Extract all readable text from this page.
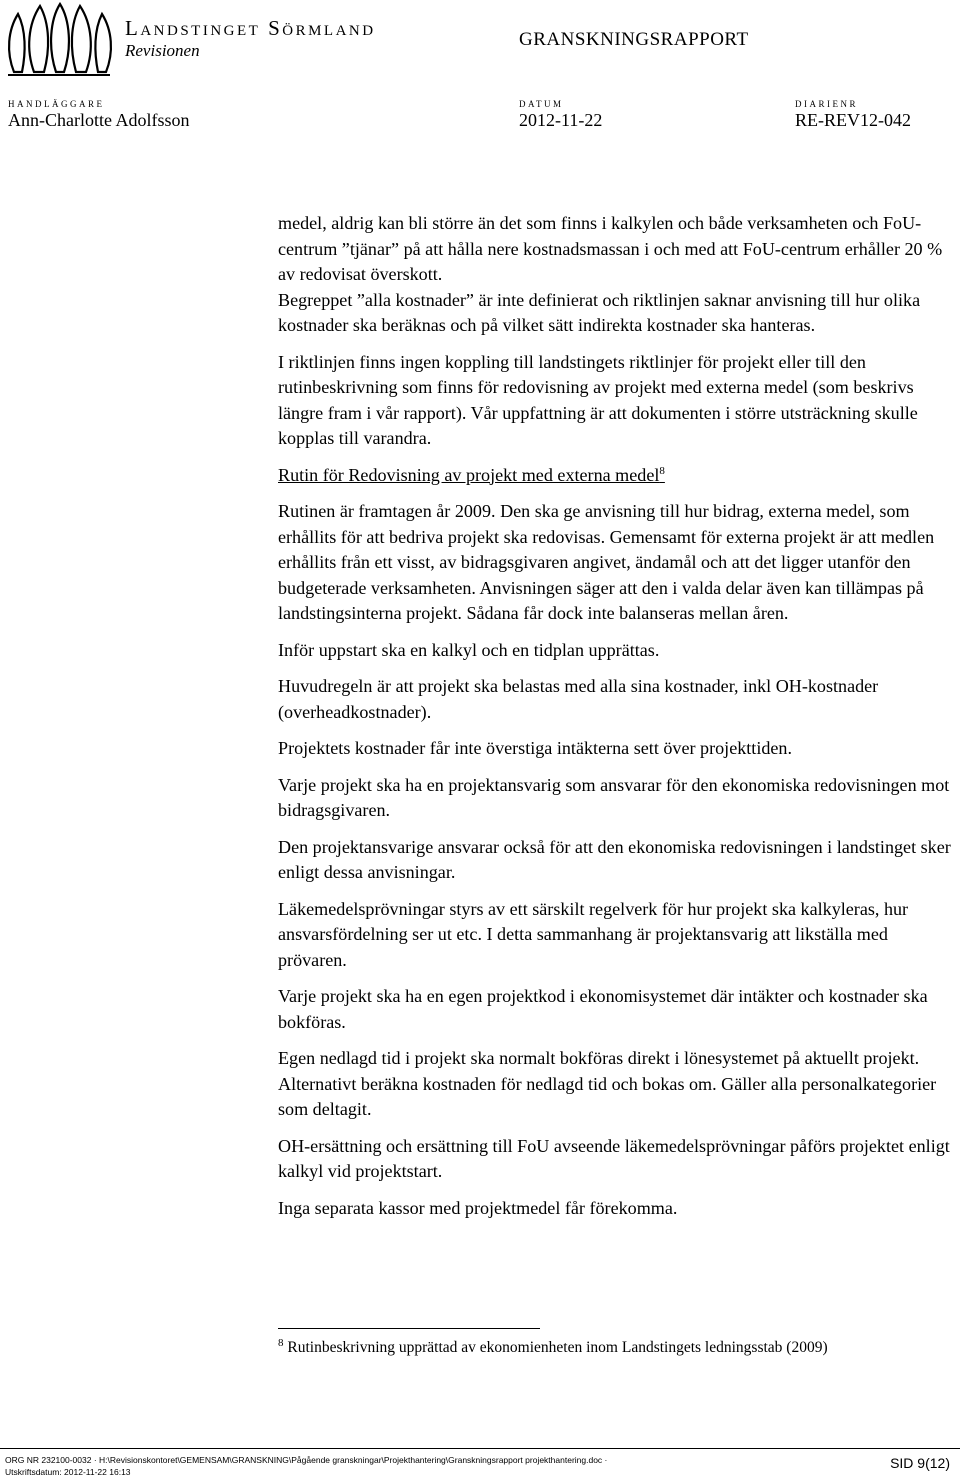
Landstinget Sörmland
Revisionen
GRANSKNINGSRAPPORT
HANDLÄGGARE	DATUM	DIARIENR
Ann-Charlotte Adolfsson	2012-11-22	RE-REV12-042

medel, aldrig kan bli större än det som finns i kalkylen och både verksamheten och FoU-centrum ”tjänar” på att hålla nere kostnadsmassan i och med att FoU-centrum erhåller 20 % av redovisat överskott.

Begreppet ”alla kostnader” är inte definierat och riktlinjen saknar anvisning till hur olika kostnader ska beräknas och på vilket sätt indirekta kostnader ska hanteras.

I riktlinjen finns ingen koppling till landstingets riktlinjer för projekt eller till den rutinbeskrivning som finns för redovisning av projekt med externa medel (som beskrivs längre fram i vår rapport). Vår uppfattning är att dokumenten i större utsträckning skulle kopplas till varandra.

Rutin för Redovisning av projekt med externa medel$^8$

Rutinen är framtagen år 2009. Den ska ge anvisning till hur bidrag, externa medel, som erhållits för att bedriva projekt ska redovisas. Gemensamt för externa projekt är att medlen erhållits från ett visst, av bidragsgivaren angivet, ändamål och att det ligger utanför den budgeterade verksamheten. Anvisningen säger att den i valda delar även kan tillämpas på landstingsinterna projekt. Sådana får dock inte balanseras mellan åren.

Inför uppstart ska en kalkyl och en tidplan upprättas.

Huvudregeln är att projekt ska belastas med alla sina kostnader, inkl OH-kostnader (overheadkostnader).

Projektets kostnader får inte överstiga intäkterna sett över projekttiden.

Varje projekt ska ha en projektansvarig som ansvarar för den ekonomiska redovisningen mot bidragsgivaren.

Den projektansvarige ansvarar också för att den ekonomiska redovisningen i landstinget sker enligt dessa anvisningar.

Läkemedelsprövningar styrs av ett särskilt regelverk för hur projekt ska kalkyleras, hur ansvarsfördelning ser ut etc. I detta sammanhang är projektansvarig att likställa med prövaren.

Varje projekt ska ha en egen projektkod i ekonomisystemet där intäkter och kostnader ska bokföras.

Egen nedlagd tid i projekt ska normalt bokföras direkt i lönesystemet på aktuellt projekt. Alternativt beräkna kostnaden för nedlagd tid och bokas om. Gäller alla personalkategorier som deltagit.

OH-ersättning och ersättning till FoU avseende läkemedelsprövningar påförs projektet enligt kalkyl vid projektstart.

Inga separata kassor med projektmedel får förekomma.

$^8$ Rutinbeskrivning upprättad av ekonomienheten inom Landstingets ledningsstab (2009)
ORG NR 232100-0032 · H:\Revisionskontoret\GEMENSAM\GRANSKNING\Pågående granskningar\Projekthantering\Granskningsrapport projekthantering.doc ·
Utskriftsdatum: 2012-11-22 16:13
SID 9(12)
